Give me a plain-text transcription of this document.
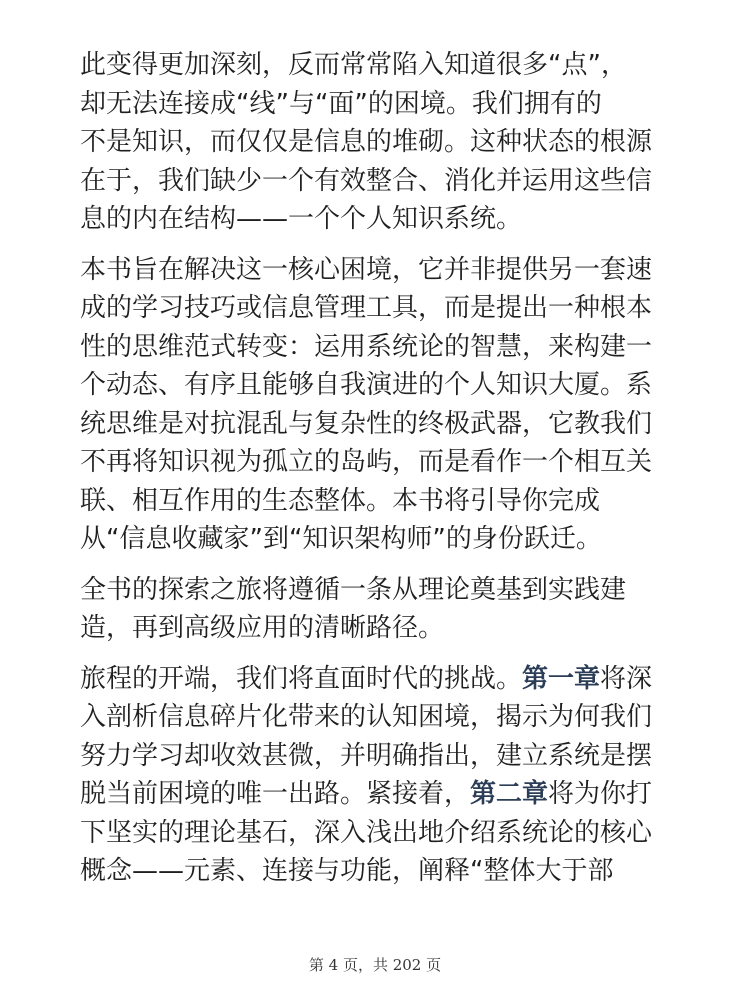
此变得更加深刻，反而常常陷入知道很多“点”，
却无法连接成“线”与“面”的困境。我们拥有的
不是知识，而仅仅是信息的堆砌。这种状态的根源
在于，我们缺少一个有效整合、消化并运用这些信
息的内在结构——一个个人知识系统。

本书旨在解决这一核心困境，它并非提供另一套速
成的学习技巧或信息管理工具，而是提出一种根本
性的思维范式转变：运用系统论的智慧，来构建一
个动态、有序且能够自我演进的个人知识大厦。系
统思维是对抗混乱与复杂性的终极武器，它教我们
不再将知识视为孤立的岛屿，而是看作一个相互关
联、相互作用的生态整体。本书将引导你完成
从“信息收藏家”到“知识架构师”的身份跃迁。

全书的探索之旅将遵循一条从理论奠基到实践建
造，再到高级应用的清晰路径。

旅程的开端，我们将直面时代的挑战。第一章将深
入剖析信息碎片化带来的认知困境，揭示为何我们
努力学习却收效甚微，并明确指出，建立系统是摆
脱当前困境的唯一出路。紧接着，第二章将为你打
下坚实的理论基石，深入浅出地介绍系统论的核心
概念——元素、连接与功能，阐释“整体大于部

第 4 页，共 202 页
